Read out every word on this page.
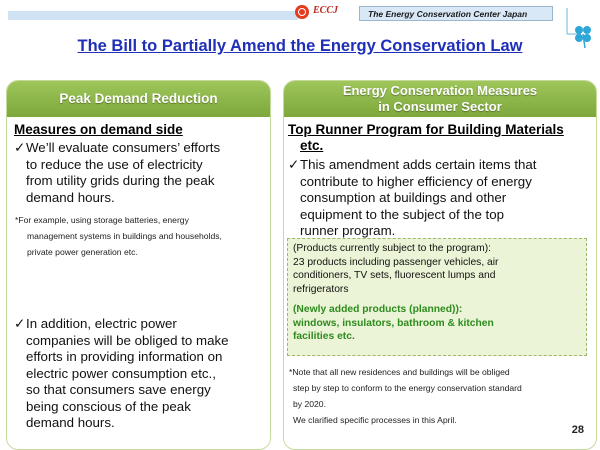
ECCJ	The Energy Conservation Center Japan
The Bill to Partially Amend the Energy Conservation Law
Peak Demand Reduction
Measures on demand side
✓ We’ll evaluate consumers’ efforts
to reduce the use of electricity
from utility grids during the peak
demand hours.
*For example, using storage batteries, energy
management systems in buildings and households,
private power generation etc.
✓ In addition, electric power
companies will be obliged to make
efforts in providing information on
electric power consumption etc.,
so that consumers save energy
being conscious of the peak
demand hours.
Energy Conservation Measures
in Consumer Sector
Top Runner Program for Building Materials
etc.
✓ This amendment adds certain items that
contribute to higher efficiency of energy
consumption at buildings and other
equipment to the subject of the top
runner program.
(Products currently subject to the program):
23 products including passenger vehicles, air
conditioners, TV sets, fluorescent lumps and
refrigerators
(Newly added products (planned)):
windows, insulators, bathroom & kitchen
facilities etc.
*Note that all new residences and buildings will be obliged
step by step to conform to the energy conservation standard
by 2020.
We clarified specific processes in this April.
28
